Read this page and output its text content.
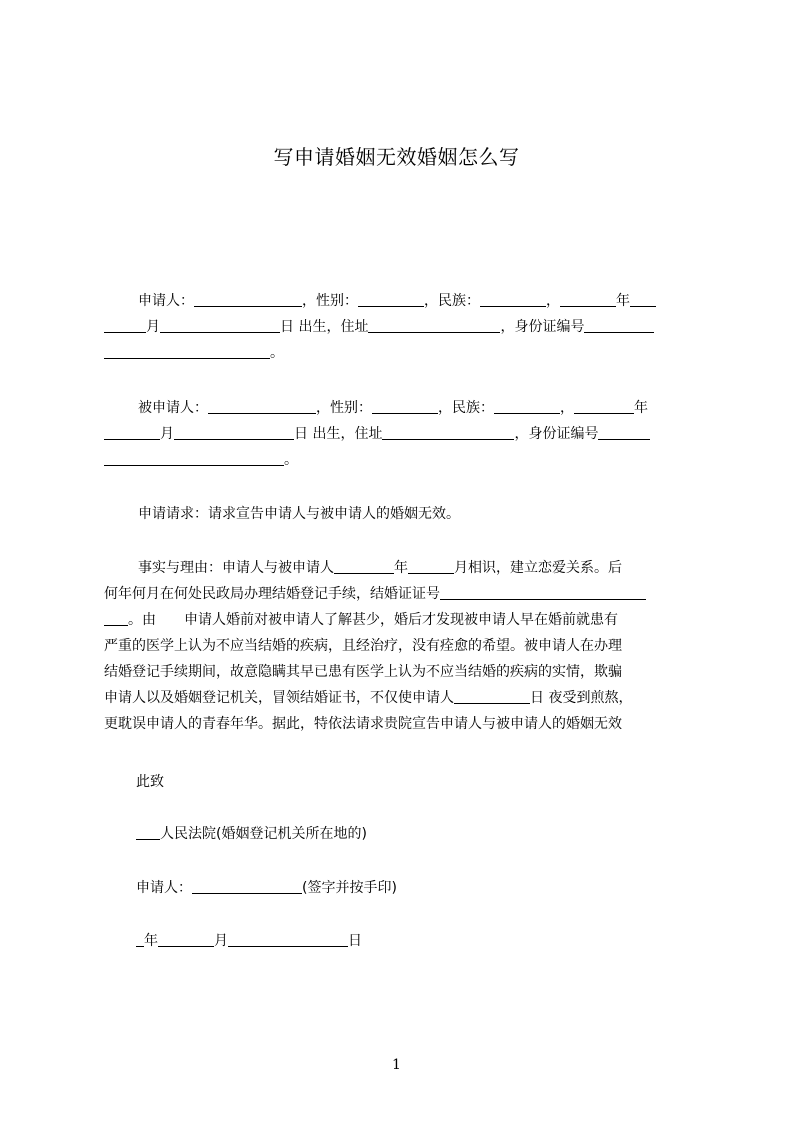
写申请婚姻无效婚姻怎么写
申请人：	，性别：	，民族：	，	年
月	日 出生，住址	，身份证编号
。
被申请人：	，性别：	，民族：	，	年
月	日 出生，住址	，身份证编号
。
申请请求：请求宣告申请人与被申请人的婚姻无效。
事实与理由：申请人与被申请人	年	月相识，建立恋爱关系。后
何年何月在何处民政局办理结婚登记手续，结婚证证号
。由 申请人婚前对被申请人了解甚少，婚后才发现被申请人早在婚前就患有
严重的医学上认为不应当结婚的疾病，且经治疗，没有痊愈的希望。被申请人在办理
结婚登记手续期间，故意隐瞒其早已患有医学上认为不应当结婚的疾病的实情，欺骗
申请人以及婚姻登记机关，冒领结婚证书，不仅使申请人	日 夜受到煎熬，
更耽误申请人的青春年华。据此，特依法请求贵院宣告申请人与被申请人的婚姻无效
此致
人民法院(婚姻登记机关所在地的)
申请人：	(签字并按手印)
年	月	日
1
